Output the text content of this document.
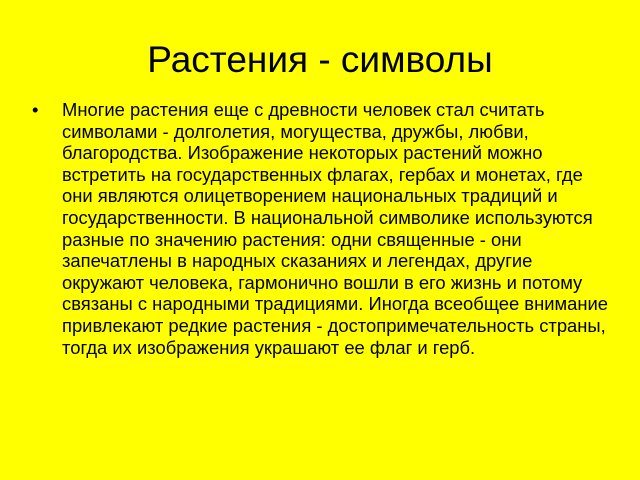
Растения - символы
• Многие растения еще с древности человек стал считать символами - долголетия, могущества, дружбы, любви, благородства. Изображение некоторых растений можно встретить на государственных флагах, гербах и монетах, где они являются олицетворением национальных традиций и государственности. В национальной символике используются разные по значению растения: одни священные - они запечатлены в народных сказаниях и легендах, другие окружают человека, гармонично вошли в его жизнь и потому связаны с народными традициями. Иногда всеобщее внимание привлекают редкие растения - достопримечательность страны, тогда их изображения украшают ее флаг и герб.
